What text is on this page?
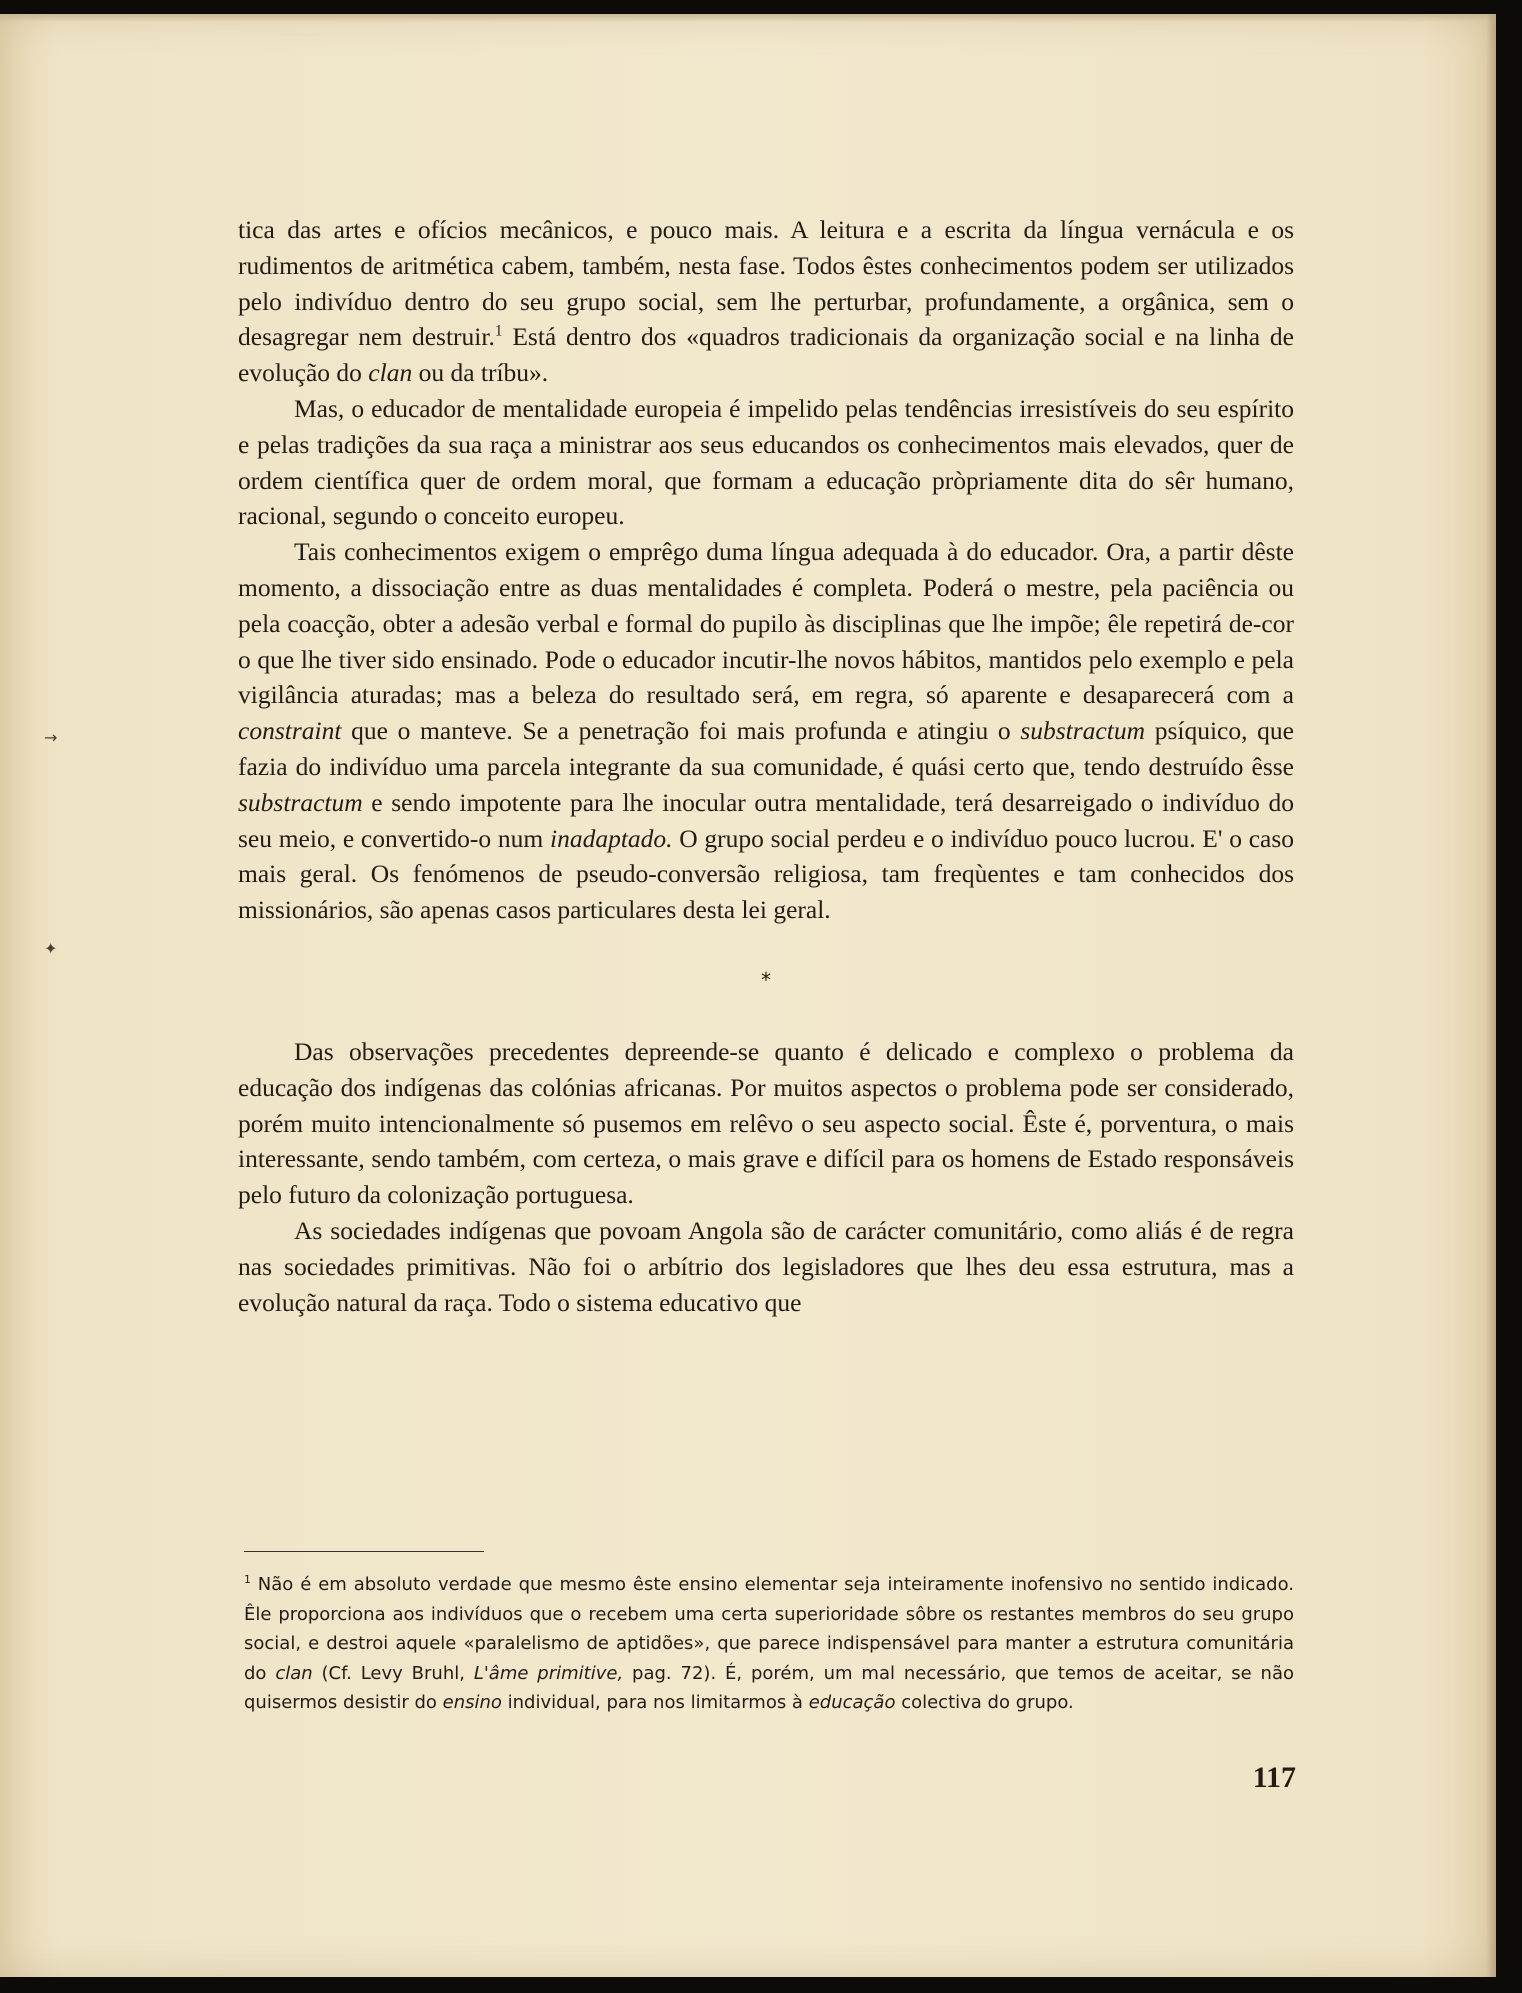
→
✦

tica das artes e ofícios mecânicos, e pouco mais. A leitura e a escrita da língua vernácula e os rudimentos de aritmética cabem, também, nesta fase. Todos êstes conhecimentos podem ser utilizados pelo indivíduo dentro do seu grupo social, sem lhe perturbar, profundamente, a orgânica, sem o desagregar nem destruir.$^1$ Está dentro dos «quadros tradicionais da organização social e na linha de evolução do clan ou da tríbu».

Mas, o educador de mentalidade europeia é impelido pelas tendências irresistíveis do seu espírito e pelas tradições da sua raça a ministrar aos seus educandos os conhecimentos mais elevados, quer de ordem científica quer de ordem moral, que formam a educação pròpriamente dita do sêr humano, racional, segundo o conceito europeu.

Tais conhecimentos exigem o emprêgo duma língua adequada à do educador. Ora, a partir dêste momento, a dissociação entre as duas mentalidades é completa. Poderá o mestre, pela paciência ou pela coacção, obter a adesão verbal e formal do pupilo às disciplinas que lhe impõe; êle repetirá de-cor o que lhe tiver sido ensinado. Pode o educador incutir-lhe novos hábitos, mantidos pelo exemplo e pela vigilância aturadas; mas a beleza do resultado será, em regra, só aparente e desaparecerá com a constraint que o manteve. Se a penetração foi mais profunda e atingiu o substractum psíquico, que fazia do indivíduo uma parcela integrante da sua comunidade, é quási certo que, tendo destruído êsse substractum e sendo impotente para lhe inocular outra mentalidade, terá desarreigado o indivíduo do seu meio, e convertido-o num inadaptado. O grupo social perdeu e o indivíduo pouco lucrou. E' o caso mais geral. Os fenómenos de pseudo-conversão religiosa, tam freqùentes e tam conhecidos dos missionários, são apenas casos particulares desta lei geral.

*

Das observações precedentes depreende-se quanto é delicado e complexo o problema da educação dos indígenas das colónias africanas. Por muitos aspectos o problema pode ser considerado, porém muito intencionalmente só pusemos em relêvo o seu aspecto social. Êste é, porventura, o mais interessante, sendo também, com certeza, o mais grave e difícil para os homens de Estado responsáveis pelo futuro da colonização portuguesa.

As sociedades indígenas que povoam Angola são de carácter comunitário, como aliás é de regra nas sociedades primitivas. Não foi o arbítrio dos legisladores que lhes deu essa estrutura, mas a evolução natural da raça. Todo o sistema educativo que

$^1$ Não é em absoluto verdade que mesmo êste ensino elementar seja inteiramente inofensivo no sentido indicado. Êle proporciona aos indivíduos que o recebem uma certa superioridade sôbre os restantes membros do seu grupo social, e destroi aquele «paralelismo de aptidões», que parece indispensável para manter a estrutura comunitária do clan (Cf. Levy Bruhl, L'âme primitive, pag. 72). É, porém, um mal necessário, que temos de aceitar, se não quisermos desistir do ensino individual, para nos limitarmos à educação colectiva do grupo.

117
